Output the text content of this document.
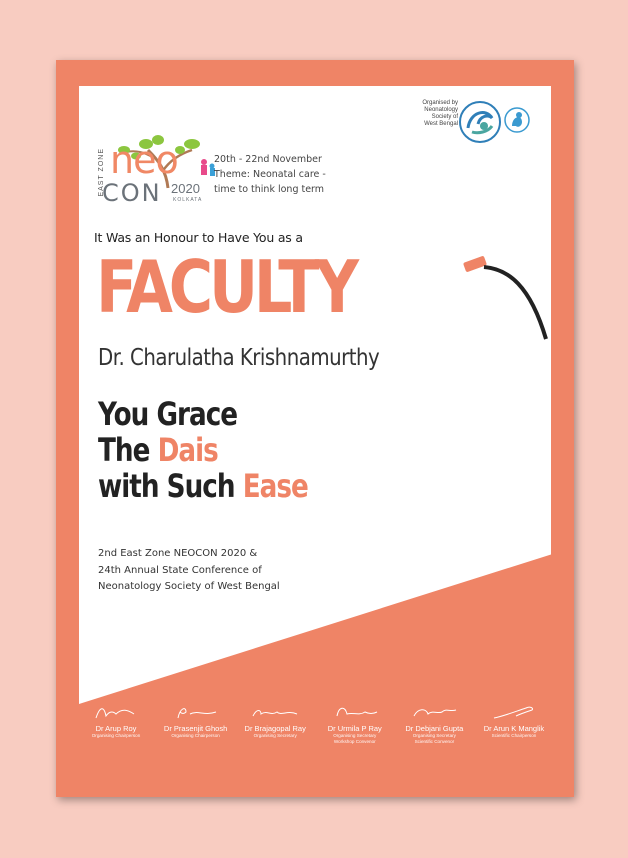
EAST ZONE neo
CON 2020
KOLKATA
20th - 22nd November
Theme: Neonatal care -
time to think long term
Organised by
Neonatology
Society of
West Bengal
It Was an Honour to Have You as a
FACULTY
Dr. Charulatha Krishnamurthy
You Grace
The Dais
with Such Ease
2nd East Zone NEOCON 2020 &
24th Annual State Conference of
Neonatology Society of West Bengal
Dr Arup Roy
Organising Chairperson
Dr Prasenjit Ghosh
Organising Chairperson
Dr Brajagopal Ray
Organising Secretary
Dr Urmila P Ray
Organising Secretary
Workshop Convenor
Dr Debjani Gupta
Organising Secretary
Scientific Convenor
Dr Arun K Manglik
Scientific Chairperson
